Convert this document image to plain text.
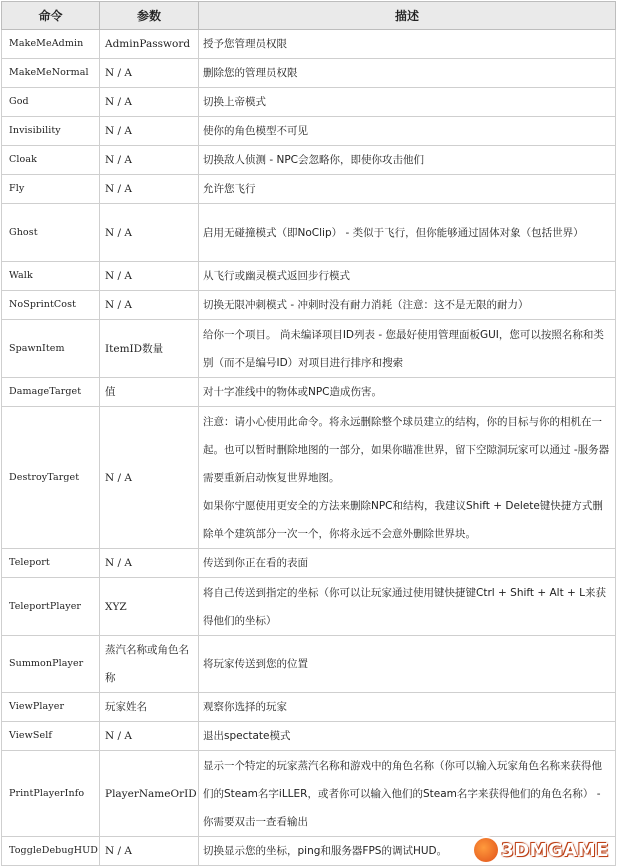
命令	参数	描述
MakeMeAdmin	AdminPassword	授予您管理员权限

MakeMeNormal	N / A	删除您的管理员权限

God	N / A	切换上帝模式

Invisibility	N / A	使你的角色模型不可见

Cloak	N / A	切换敌人侦测 - NPC会忽略你，即使你攻击他们

Fly	N / A	允许您飞行

Ghost	N / A	启用无碰撞模式（即NoClip） - 类似于飞行，但你能够通过固体对象（包括世界）

Walk	N / A	从飞行或幽灵模式返回步行模式

NoSprintCost	N / A	切换无限冲刺模式 - 冲刺时没有耐力消耗（注意：这不是无限的耐力）

SpawnItem	ItemID数量	给你一个项目。 尚未编译项目ID列表 - 您最好使用管理面板GUI，您可以按照名称和类别（而不是编号ID）对项目进行排序和搜索

DamageTarget	值	对十字准线中的物体或NPC造成伤害。

DestroyTarget	N / A	注意：请小心使用此命令。将永远删除整个球员建立的结构，你的目标与你的相机在一起。也可以暂时删除地图的一部分，如果你瞄准世界，留下空隙洞玩家可以通过 -服务器需要重新启动恢复世界地图。

如果你宁愿使用更安全的方法来删除NPC和结构，我建议Shift + Delete键快捷方式删除单个建筑部分一次一个，你将永远不会意外删除世界块。

Teleport	N / A	传送到你正在看的表面

TeleportPlayer	XYZ	将自己传送到指定的坐标（你可以让玩家通过使用键快捷键Ctrl + Shift + Alt + L来获得他们的坐标）

SummonPlayer	蒸汽名称或角色名称	将玩家传送到您的位置

ViewPlayer	玩家姓名	观察你选择的玩家

ViewSelf	N / A	退出spectate模式

PrintPlayerInfo	PlayerNameOrID	显示一个特定的玩家蒸汽名称和游戏中的角色名称（你可以输入玩家角色名称来获得他们的Steam名字iLLER，或者你可以输入他们的Steam名字来获得他们的角色名称） - 你需要双击一查看输出

ToggleDebugHUD	N / A	切换显示您的坐标，ping和服务器FPS的调试HUD。	3DMGAME
